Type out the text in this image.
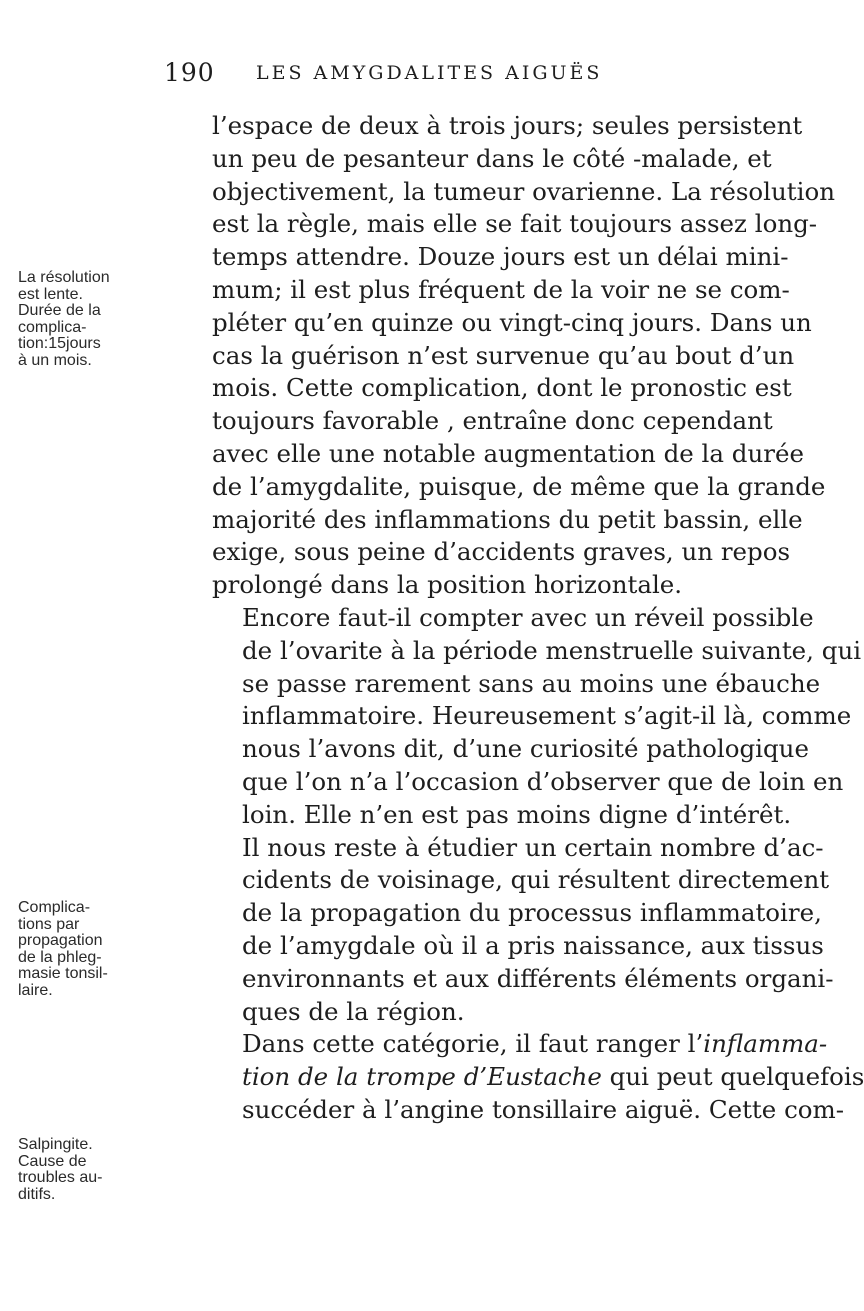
190 LES AMYGDALITES AIGUËS
La résolution
est lente.
Durée de la
complica-
tion:15jours
à un mois.
Complica-
tions par
propagation
de la phleg-
masie tonsil-
laire.
Salpingite.
Cause de
troubles au-
ditifs.

l’espace de deux à trois jours; seules persistent
un peu de pesanteur dans le côté -malade, et
objectivement, la tumeur ovarienne. La résolution
est la règle, mais elle se fait toujours assez long-
temps attendre. Douze jours est un délai mini-
mum; il est plus fréquent de la voir ne se com-
pléter qu’en quinze ou vingt-cinq jours. Dans un
cas la guérison n’est survenue qu’au bout d’un
mois. Cette complication, dont le pronostic est
toujours favorable , entraîne donc cependant
avec elle une notable augmentation de la durée
de l’amygdalite, puisque, de même que la grande
majorité des inflammations du petit bassin, elle
exige, sous peine d’accidents graves, un repos
prolongé dans la position horizontale.

Encore faut-il compter avec un réveil possible
de l’ovarite à la période menstruelle suivante, qui
se passe rarement sans au moins une ébauche
inflammatoire. Heureusement s’agit-il là, comme
nous l’avons dit, d’une curiosité pathologique
que l’on n’a l’occasion d’observer que de loin en
loin. Elle n’en est pas moins digne d’intérêt.

Il nous reste à étudier un certain nombre d’ac-
cidents de voisinage, qui résultent directement
de la propagation du processus inflammatoire,
de l’amygdale où il a pris naissance, aux tissus
environnants et aux différents éléments organi-
ques de la région.

Dans cette catégorie, il faut ranger l’inflamma-
tion de la trompe d’Eustache qui peut quelquefois
succéder à l’angine tonsillaire aiguë. Cette com-
